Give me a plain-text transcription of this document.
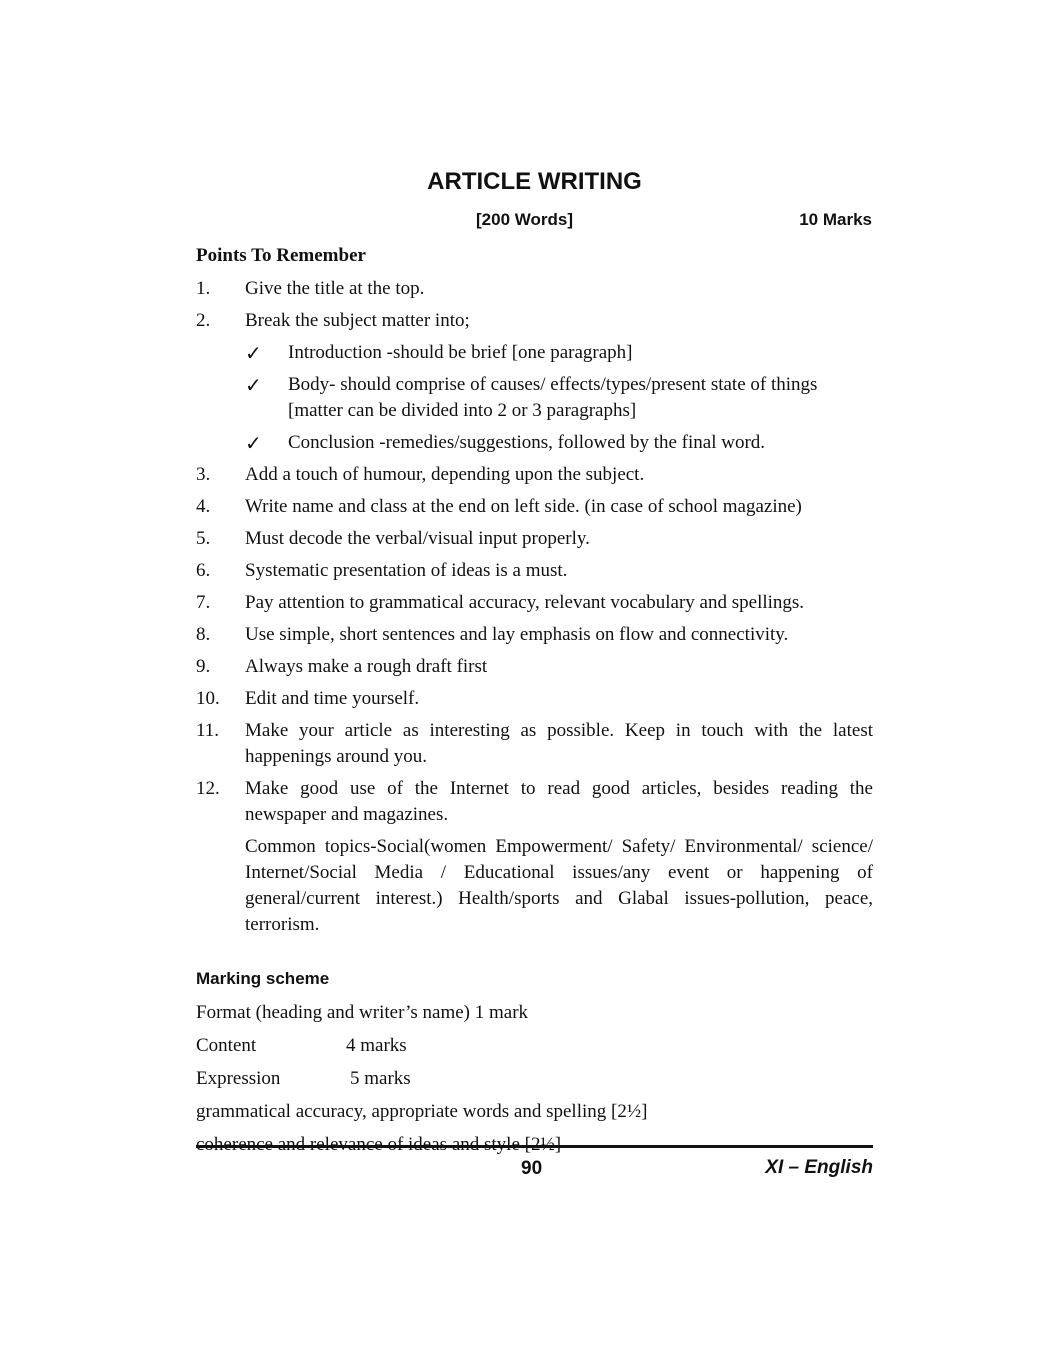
ARTICLE WRITING
[200 Words]	10 Marks
Points To Remember
1.	Give the title at the top.
2.	Break the subject matter into;
✓	Introduction -should be brief [one paragraph]
✓	Body- should comprise of causes/ effects/types/present state of things [matter can be divided into 2 or 3 paragraphs]
✓	Conclusion -remedies/suggestions, followed by the final word.
3.	Add a touch of humour, depending upon the subject.
4.	Write name and class at the end on left side. (in case of school magazine)
5.	Must decode the verbal/visual input properly.
6.	Systematic presentation of ideas is a must.
7.	Pay attention to grammatical accuracy, relevant vocabulary and spellings.
8.	Use simple, short sentences and lay emphasis on flow and connectivity.
9.	Always make a rough draft first
10.	Edit and time yourself.
11.	Make your article as interesting as possible. Keep in touch with the latest happenings around you.
12.	Make good use of the Internet to read good articles, besides reading the newspaper and magazines.
Common topics-Social(women Empowerment/ Safety/ Environmental/ science/ Internet/Social Media / Educational issues/any event or happening of general/current interest.) Health/sports and Glabal issues-pollution, peace, terrorism.
Marking scheme
Format (heading and writer’s name) 1 mark
Content	4 marks
Expression	5 marks
grammatical accuracy, appropriate words and spelling [2½]
90	XI – English
